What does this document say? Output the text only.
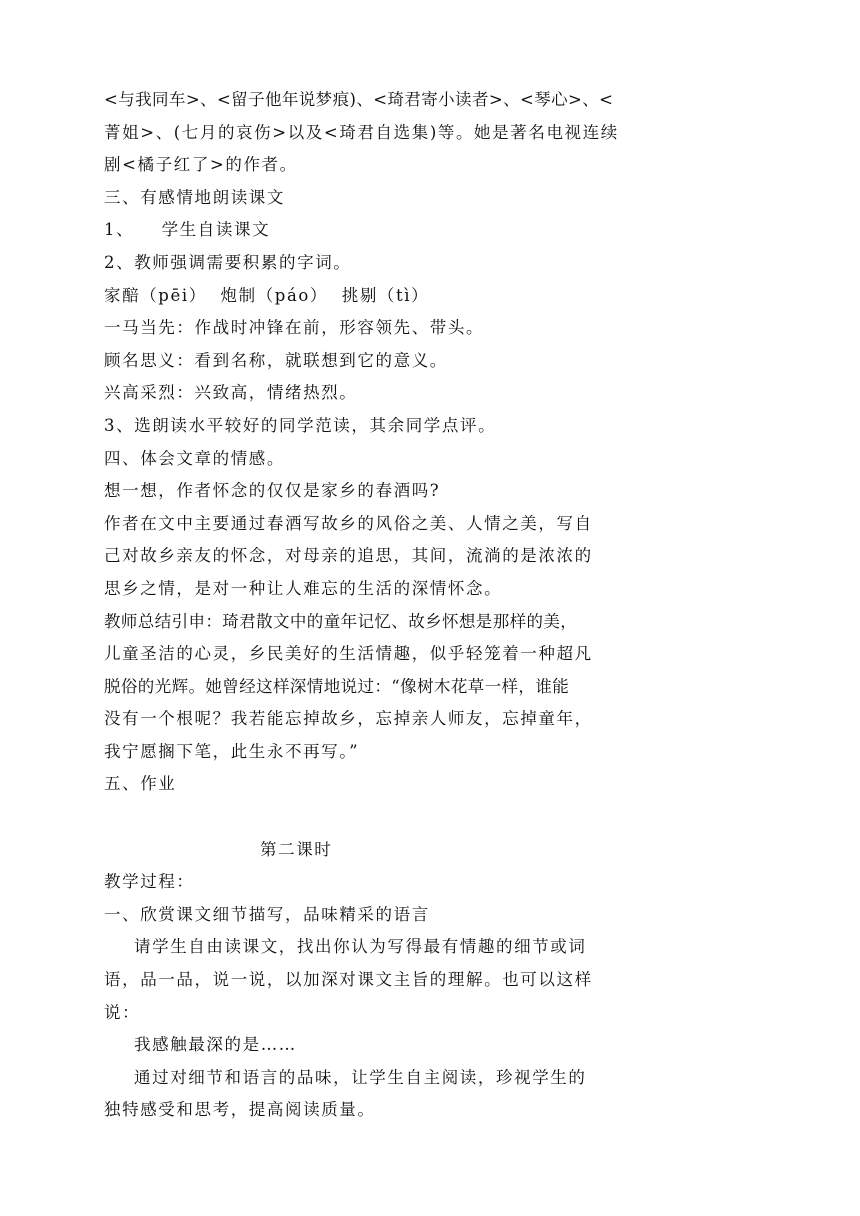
<与我同车>、<留子他年说梦痕)、<琦君寄小读者>、<琴心>、<
菁姐>、(七月的哀伤>以及<琦君自选集)等。她是著名电视连续
剧<橘子红了>的作者。
三、有感情地朗读课文
1、    学生自读课文
2、教师强调需要积累的字词。
家醅（pēi）  炮制（páo）  挑剔（tì）
一马当先：作战时冲锋在前，形容领先、带头。
顾名思义：看到名称，就联想到它的意义。
兴高采烈：兴致高，情绪热烈。
3、选朗读水平较好的同学范读，其余同学点评。
四、体会文章的情感。
想一想，作者怀念的仅仅是家乡的春酒吗?
作者在文中主要通过春酒写故乡的风俗之美、人情之美，写自
己对故乡亲友的怀念，对母亲的追思，其间，流淌的是浓浓的
思乡之情，是对一种让人难忘的生活的深情怀念。
教师总结引申：琦君散文中的童年记忆、故乡怀想是那样的美，
儿童圣洁的心灵，乡民美好的生活情趣，似乎轻笼着一种超凡
脱俗的光辉。她曾经这样深情地说过：“像树木花草一样，谁能
没有一个根呢？我若能忘掉故乡，忘掉亲人师友，忘掉童年，
我宁愿搁下笔，此生永不再写。”
五、作业
第二课时
教学过程：
一、欣赏课文细节描写，品味精采的语言
请学生自由读课文，找出你认为写得最有情趣的细节或词
语，品一品，说一说，以加深对课文主旨的理解。也可以这样
说：
我感触最深的是……
通过对细节和语言的品味，让学生自主阅读，珍视学生的
独特感受和思考，提高阅读质量。
